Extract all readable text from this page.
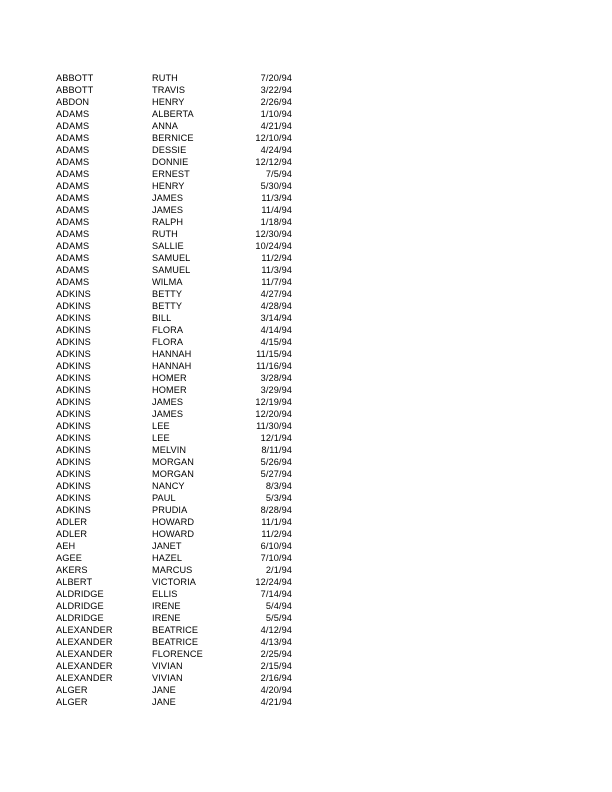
ABBOTT	RUTH	7/20/94
ABBOTT	TRAVIS	3/22/94
ABDON	HENRY	2/26/94
ADAMS	ALBERTA	1/10/94
ADAMS	ANNA	4/21/94
ADAMS	BERNICE	12/10/94
ADAMS	DESSIE	4/24/94
ADAMS	DONNIE	12/12/94
ADAMS	ERNEST	7/5/94
ADAMS	HENRY	5/30/94
ADAMS	JAMES	11/3/94
ADAMS	JAMES	11/4/94
ADAMS	RALPH	1/18/94
ADAMS	RUTH	12/30/94
ADAMS	SALLIE	10/24/94
ADAMS	SAMUEL	11/2/94
ADAMS	SAMUEL	11/3/94
ADAMS	WILMA	11/7/94
ADKINS	BETTY	4/27/94
ADKINS	BETTY	4/28/94
ADKINS	BILL	3/14/94
ADKINS	FLORA	4/14/94
ADKINS	FLORA	4/15/94
ADKINS	HANNAH	11/15/94
ADKINS	HANNAH	11/16/94
ADKINS	HOMER	3/28/94
ADKINS	HOMER	3/29/94
ADKINS	JAMES	12/19/94
ADKINS	JAMES	12/20/94
ADKINS	LEE	11/30/94
ADKINS	LEE	12/1/94
ADKINS	MELVIN	8/11/94
ADKINS	MORGAN	5/26/94
ADKINS	MORGAN	5/27/94
ADKINS	NANCY	8/3/94
ADKINS	PAUL	5/3/94
ADKINS	PRUDIA	8/28/94
ADLER	HOWARD	11/1/94
ADLER	HOWARD	11/2/94
AEH	JANET	6/10/94
AGEE	HAZEL	7/10/94
AKERS	MARCUS	2/1/94
ALBERT	VICTORIA	12/24/94
ALDRIDGE	ELLIS	7/14/94
ALDRIDGE	IRENE	5/4/94
ALDRIDGE	IRENE	5/5/94
ALEXANDER	BEATRICE	4/12/94
ALEXANDER	BEATRICE	4/13/94
ALEXANDER	FLORENCE	2/25/94
ALEXANDER	VIVIAN	2/15/94
ALEXANDER	VIVIAN	2/16/94
ALGER	JANE	4/20/94
ALGER	JANE	4/21/94
